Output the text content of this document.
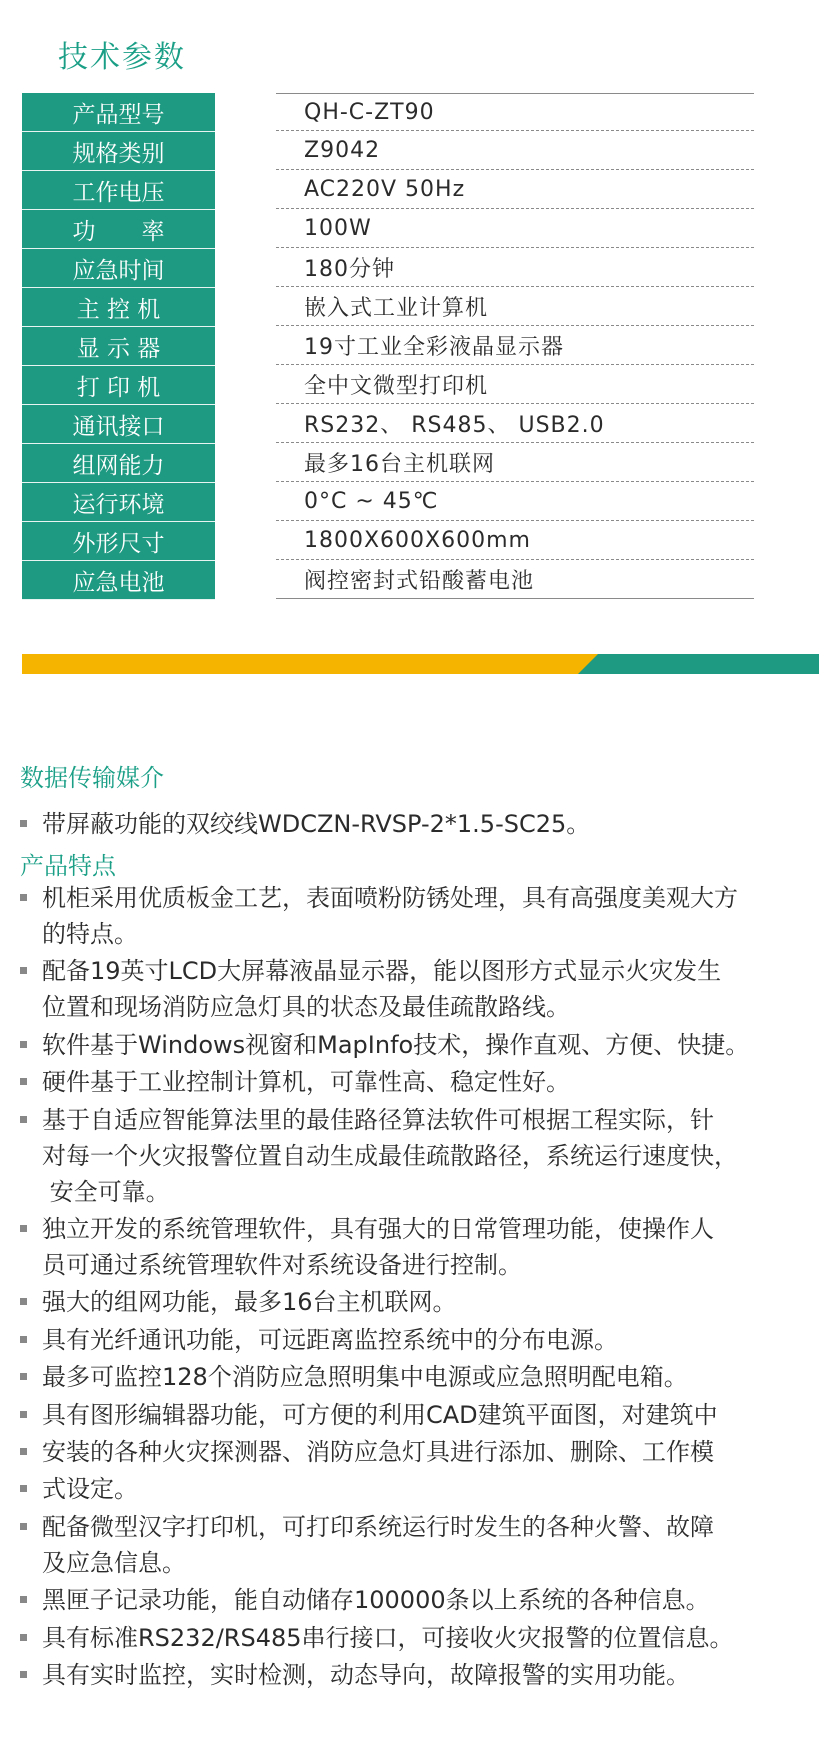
技术参数
产品型号	QH-C-ZT90
规格类别	Z9042
工作电压	AC220V 50Hz
功　　率	100W
应急时间	180分钟
主 控 机	嵌入式工业计算机
显 示 器	19寸工业全彩液晶显示器
打 印 机	全中文微型打印机
通讯接口	RS232、 RS485、 USB2.0
组网能力	最多16台主机联网
运行环境	0°C ~ 45℃
外形尺寸	1800X600X600mm
应急电池	阀控密封式铅酸蓄电池
数据传输媒介
带屏蔽功能的双绞线WDCZN-RVSP-2*1.5-SC25。
产品特点
机柜采用优质板金工艺，表面喷粉防锈处理，具有高强度美观大方
的特点。
配备19英寸LCD大屏幕液晶显示器，能以图形方式显示火灾发生
位置和现场消防应急灯具的状态及最佳疏散路线。
软件基于Windows视窗和MapInfo技术，操作直观、方便、快捷。
硬件基于工业控制计算机，可靠性高、稳定性好。
基于自适应智能算法里的最佳路径算法软件可根据工程实际，针
对每一个火灾报警位置自动生成最佳疏散路径，系统运行速度快，
安全可靠。
独立开发的系统管理软件，具有强大的日常管理功能，使操作人
员可通过系统管理软件对系统设备进行控制。
强大的组网功能，最多16台主机联网。
具有光纤通讯功能，可远距离监控系统中的分布电源。
最多可监控128个消防应急照明集中电源或应急照明配电箱。
具有图形编辑器功能，可方便的利用CAD建筑平面图，对建筑中
安装的各种火灾探测器、消防应急灯具进行添加、删除、工作模
式设定。
配备微型汉字打印机，可打印系统运行时发生的各种火警、故障
及应急信息。
黑匣子记录功能，能自动储存100000条以上系统的各种信息。
具有标准RS232/RS485串行接口，可接收火灾报警的位置信息。
具有实时监控，实时检测，动态导向，故障报警的实用功能。
